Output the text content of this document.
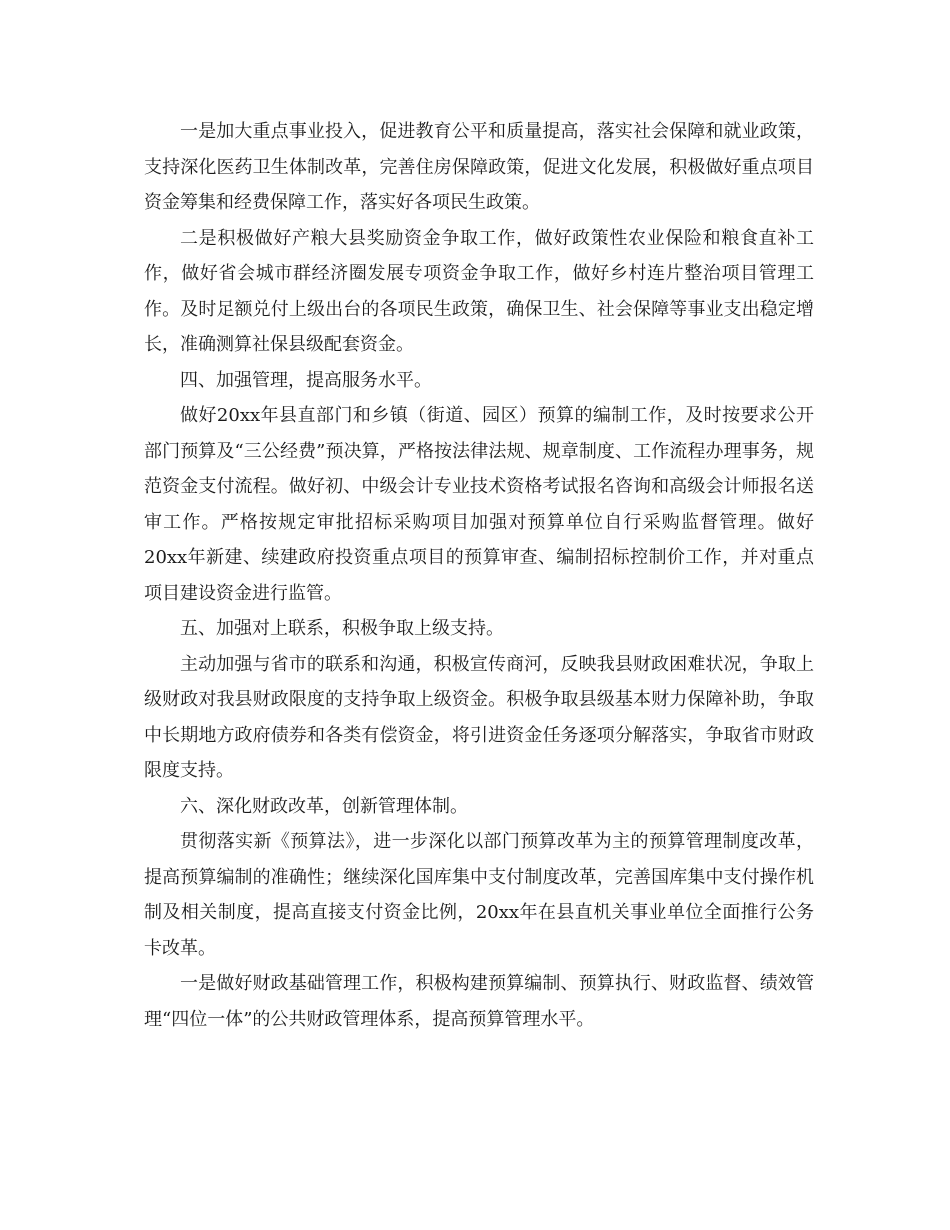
一是加大重点事业投入，促进教育公平和质量提高，落实社会保障和就业政策，支持深化医药卫生体制改革，完善住房保障政策，促进文化发展，积极做好重点项目资金筹集和经费保障工作，落实好各项民生政策。

二是积极做好产粮大县奖励资金争取工作，做好政策性农业保险和粮食直补工作，做好省会城市群经济圈发展专项资金争取工作，做好乡村连片整治项目管理工作。及时足额兑付上级出台的各项民生政策，确保卫生、社会保障等事业支出稳定增长，准确测算社保县级配套资金。

四、加强管理，提高服务水平。

做好20xx年县直部门和乡镇（街道、园区）预算的编制工作，及时按要求公开部门预算及“三公经费”预决算，严格按法律法规、规章制度、工作流程办理事务，规范资金支付流程。做好初、中级会计专业技术资格考试报名咨询和高级会计师报名送审工作。严格按规定审批招标采购项目加强对预算单位自行采购监督管理。做好20xx年新建、续建政府投资重点项目的预算审查、编制招标控制价工作，并对重点项目建设资金进行监管。

五、加强对上联系，积极争取上级支持。

主动加强与省市的联系和沟通，积极宣传商河，反映我县财政困难状况，争取上级财政对我县财政限度的支持争取上级资金。积极争取县级基本财力保障补助，争取中长期地方政府债券和各类有偿资金，将引进资金任务逐项分解落实，争取省市财政限度支持。

六、深化财政改革，创新管理体制。

贯彻落实新《预算法》，进一步深化以部门预算改革为主的预算管理制度改革，提高预算编制的准确性；继续深化国库集中支付制度改革，完善国库集中支付操作机制及相关制度，提高直接支付资金比例，20xx年在县直机关事业单位全面推行公务卡改革。

一是做好财政基础管理工作，积极构建预算编制、预算执行、财政监督、绩效管理“四位一体”的公共财政管理体系，提高预算管理水平。
